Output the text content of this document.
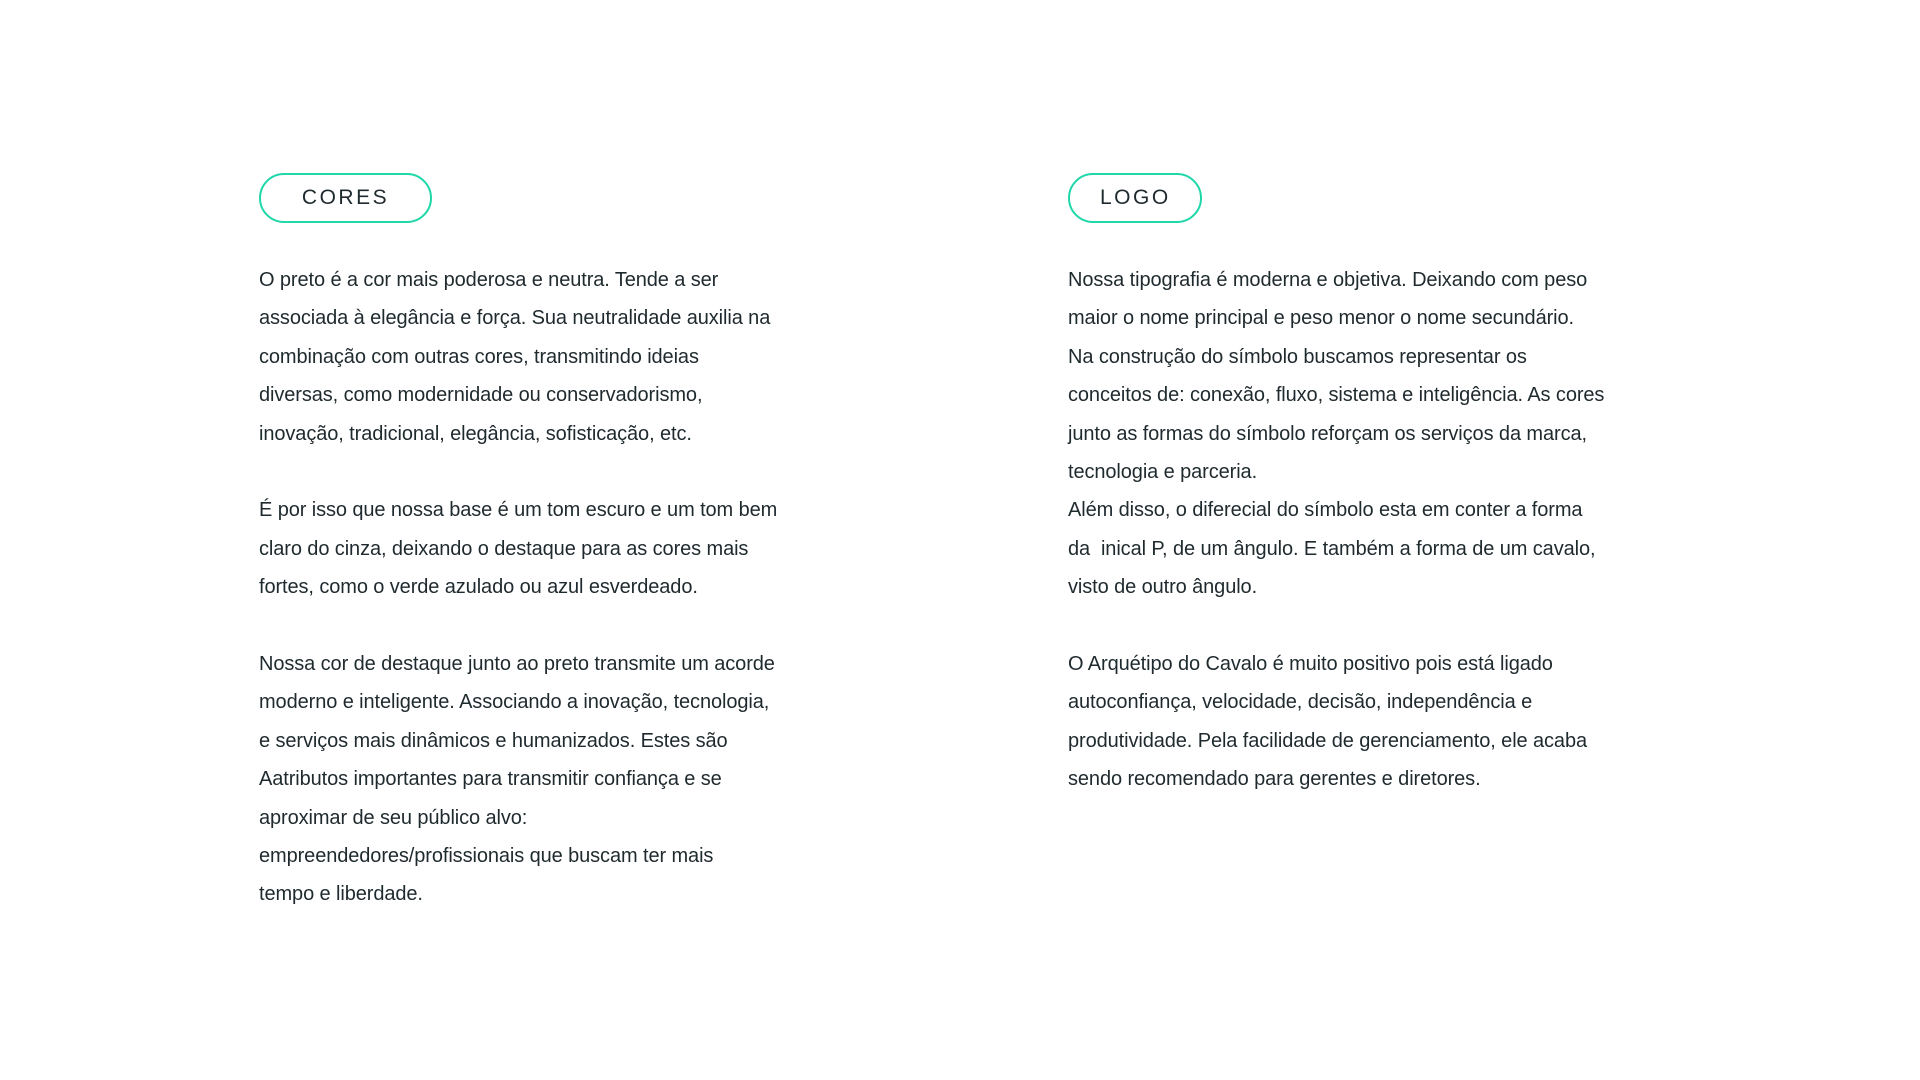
CORES

O preto é a cor mais poderosa e neutra. Tende a ser
associada à elegância e força. Sua neutralidade auxilia na
combinação com outras cores, transmitindo ideias
diversas, como modernidade ou conservadorismo,
inovação, tradicional, elegância, sofisticação, etc.

É por isso que nossa base é um tom escuro e um tom bem
claro do cinza, deixando o destaque para as cores mais
fortes, como o verde azulado ou azul esverdeado.

Nossa cor de destaque junto ao preto transmite um acorde
moderno e inteligente. Associando a inovação, tecnologia,
e serviços mais dinâmicos e humanizados. Estes são
Aatributos importantes para transmitir confiança e se
aproximar de seu público alvo:
empreendedores/profissionais que buscam ter mais
tempo e liberdade.

LOGO

Nossa tipografia é moderna e objetiva. Deixando com peso
maior o nome principal e peso menor o nome secundário.
Na construção do símbolo buscamos representar os
conceitos de: conexão, fluxo, sistema e inteligência. As cores
junto as formas do símbolo reforçam os serviços da marca,
tecnologia e parceria.
Além disso, o diferecial do símbolo esta em conter a forma
da  inical P, de um ângulo. E também a forma de um cavalo,
visto de outro ângulo.

O Arquétipo do Cavalo é muito positivo pois está ligado
autoconfiança, velocidade, decisão, independência e
produtividade. Pela facilidade de gerenciamento, ele acaba
sendo recomendado para gerentes e diretores.
